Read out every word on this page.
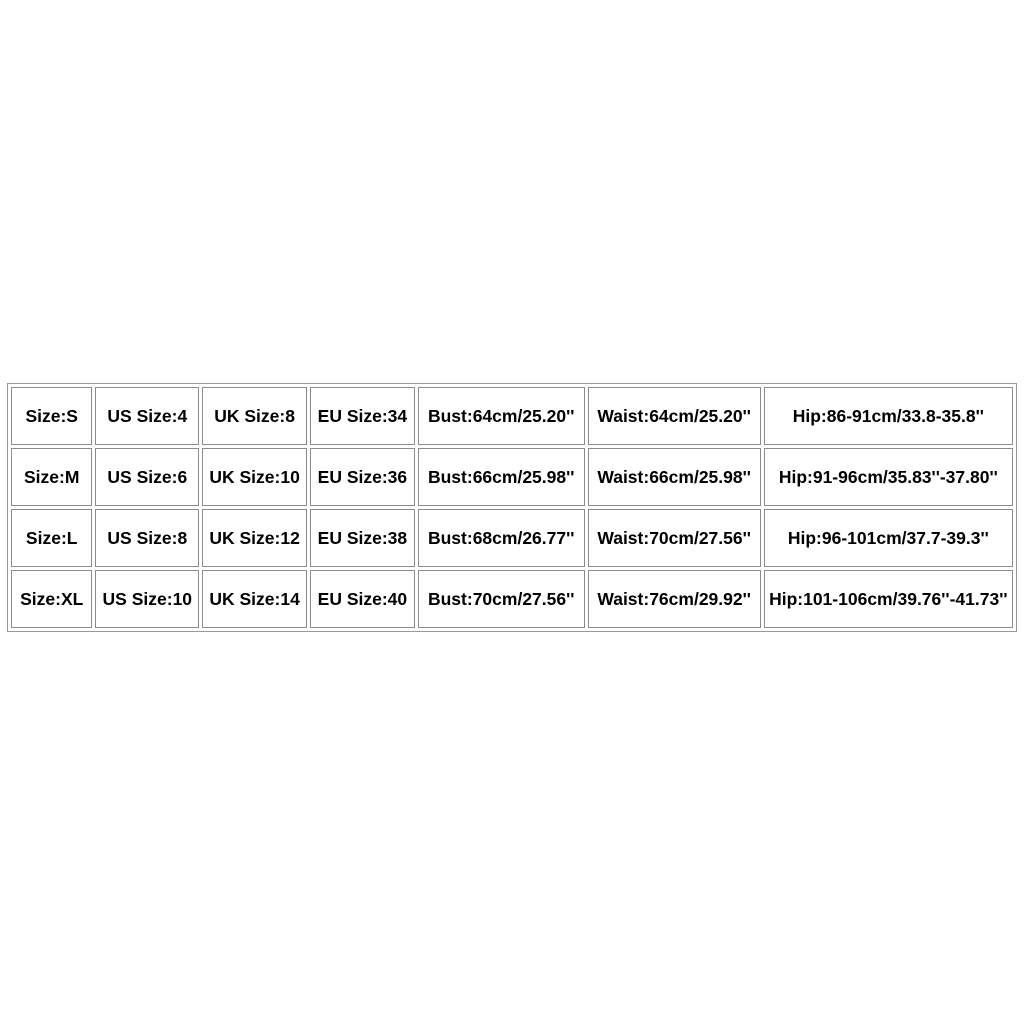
Size:S	US Size:4	UK Size:8	EU Size:34	Bust:64cm/25.20''	Waist:64cm/25.20''	Hip:86-91cm/33.8-35.8''
Size:M	US Size:6	UK Size:10	EU Size:36	Bust:66cm/25.98''	Waist:66cm/25.98''	Hip:91-96cm/35.83''-37.80''
Size:L	US Size:8	UK Size:12	EU Size:38	Bust:68cm/26.77''	Waist:70cm/27.56''	Hip:96-101cm/37.7-39.3''
Size:XL	US Size:10	UK Size:14	EU Size:40	Bust:70cm/27.56''	Waist:76cm/29.92''	Hip:101-106cm/39.76''-41.73''
